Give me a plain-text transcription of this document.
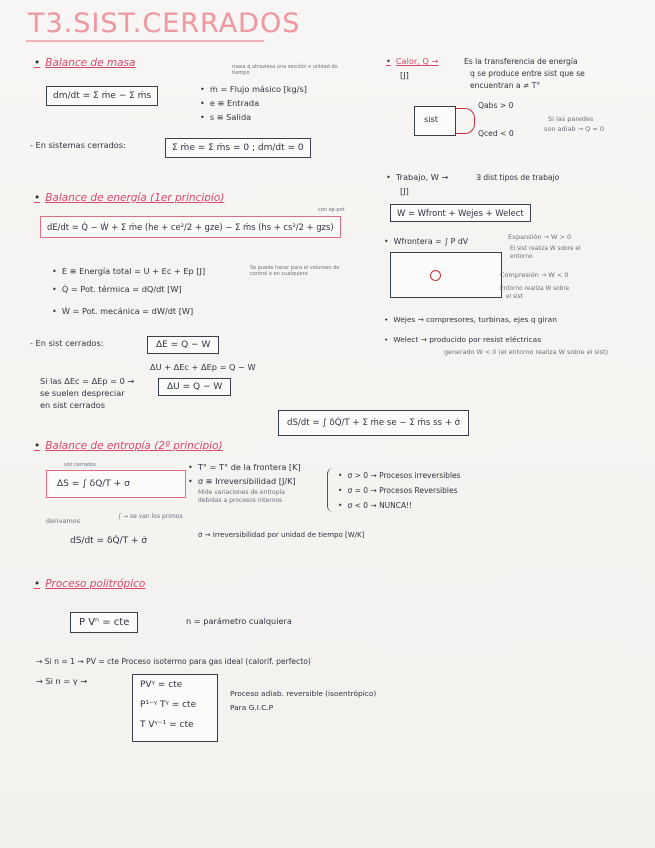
T3.SIST.CERRADOS
• Balance de masa	masa q atraviesa una sección x unidad de tiempo
dm/dt = Σ ṁe − Σ ṁs
• ṁ = Flujo másico [kg/s]
• e ≡ Entrada
• s ≡ Salida
- En sistemas cerrados:	Σ ṁe = Σ ṁs = 0 ; dm/dt = 0
• Balance de energía (1er principio)
con ep pot
dE/dt = Q̇ − Ẇ + Σ ṁe (he + ce²/2 + gze) − Σ ṁs (hs + cs²/2 + gzs)
• E ≡ Energía total = U + Ec + Ep [J]	Se puede hacer para el volumen de control o en cualquiera
• Q̇ = Pot. térmica = dQ/dt [W]
• Ẇ = Pot. mecánica = dW/dt [W]
- En sist cerrados:	ΔE = Q − W
ΔU + ΔEc + ΔEp = Q − W
Si las ΔEc = ΔEp = 0 →
se suelen despreciar
en sist cerrados
ΔU = Q − W
• Balance de entropía (2º principio)
sist cerrados
ΔS = ∫ δQ/T + σ
• T° = T° de la frontera [K]
• σ ≡ Irreversibilidad [J/K]
Mide variaciones de entropía
debidas a procesos internos
• σ > 0 → Procesos irreversibles
• σ = 0 → Procesos Reversibles
• σ < 0 → NUNCA!!
derivamos
∫ → se van los primos
dS/dt = δQ̇/T + σ̇
σ̇ → Irreversibilidad por unidad de tiempo [W/K]
• Proceso politrópico
P Vⁿ = cte	n = parámetro cualquiera
→ Si n = 1 → PV = cte Proceso isotermo para gas ideal (calorif. perfecto)
→ Si n = γ →	PVᵞ = cte
P¹⁻ᵞ Tᵞ = cte
T Vᵞ⁻¹ = cte
Proceso adiab. reversible (isoentrópico)
Para G.I.C.P
• Calor, Q →	Es la transferencia de energía
q se produce entre sist que se
encuentran a ≠ T°
[J]
sist
Qabs > 0
Qced < 0
Si las paredes
son adiab → Q = 0
• Trabajo, W →	∃ dist tipos de trabajo
[J]
W = Wfront + Wejes + Welect
• Wfrontera = ∫ P dV	Expansión → W > 0
El sist realiza W sobre el
entorno
Compresión → W < 0
Entorno realiza W sobre
el sist
• Wejes → compresores, turbinas, ejes q giran
• Welect → producido por resist eléctricas
generado W < 0 (el entorno realiza W sobre el sist)
dS/dt = ∫ δQ̇/T + Σ ṁe se − Σ ṁs ss + σ̇
